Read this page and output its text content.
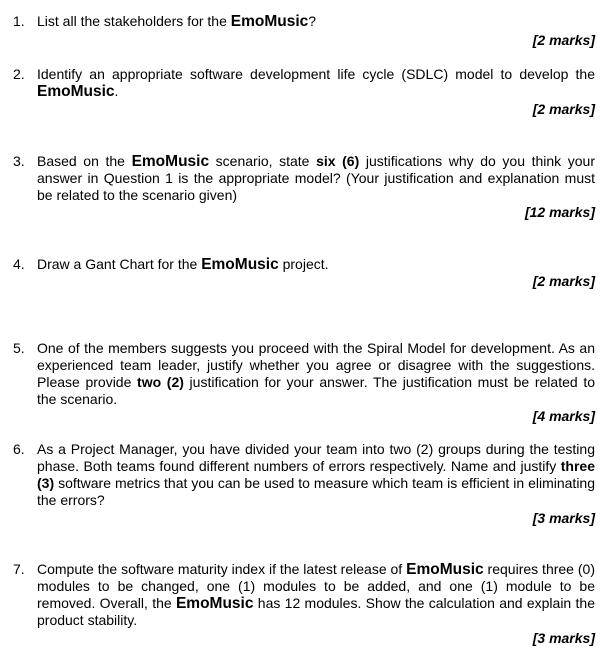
1. List all the stakeholders for the EmoMusic?
[2 marks]
2. Identify an appropriate software development life cycle (SDLC) model to develop the EmoMusic.
[2 marks]
3. Based on the EmoMusic scenario, state six (6) justifications why do you think your answer in Question 1 is the appropriate model? (Your justification and explanation must be related to the scenario given)
[12 marks]
4. Draw a Gant Chart for the EmoMusic project.
[2 marks]
5. One of the members suggests you proceed with the Spiral Model for development. As an experienced team leader, justify whether you agree or disagree with the suggestions. Please provide two (2) justification for your answer. The justification must be related to the scenario.
[4 marks]
6. As a Project Manager, you have divided your team into two (2) groups during the testing phase. Both teams found different numbers of errors respectively. Name and justify three (3) software metrics that you can be used to measure which team is efficient in eliminating the errors?
[3 marks]
7. Compute the software maturity index if the latest release of EmoMusic requires three (0) modules to be changed, one (1) modules to be added, and one (1) module to be removed. Overall, the EmoMusic has 12 modules. Show the calculation and explain the product stability.
[3 marks]
